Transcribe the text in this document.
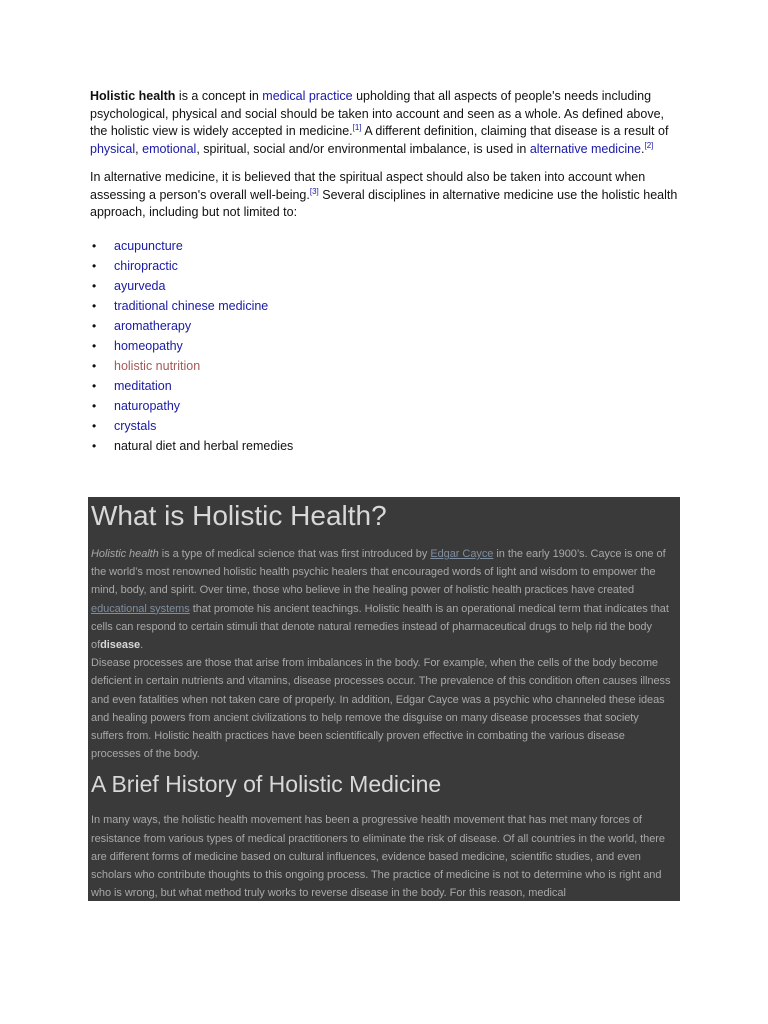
Holistic health is a concept in medical practice upholding that all aspects of people's needs including psychological, physical and social should be taken into account and seen as a whole. As defined above, the holistic view is widely accepted in medicine.[1] A different definition, claiming that disease is a result of physical, emotional, spiritual, social and/or environmental imbalance, is used in alternative medicine.[2]

In alternative medicine, it is believed that the spiritual aspect should also be taken into account when assessing a person's overall well-being.[3] Several disciplines in alternative medicine use the holistic health approach, including but not limited to:

• acupuncture
• chiropractic
• ayurveda
• traditional chinese medicine
• aromatherapy
• homeopathy
• holistic nutrition
• meditation
• naturopathy
• crystals
• natural diet and herbal remedies
What is Holistic Health?

Holistic health is a type of medical science that was first introduced by Edgar Cayce in the early 1900’s. Cayce is one of the world’s most renowned holistic health psychic healers that encouraged words of light and wisdom to empower the mind, body, and spirit. Over time, those who believe in the healing power of holistic health practices have created educational systems that promote his ancient teachings. Holistic health is an operational medical term that indicates that cells can respond to certain stimuli that denote natural remedies instead of pharmaceutical drugs to help rid the body ofdisease.

Disease processes are those that arise from imbalances in the body. For example, when the cells of the body become deficient in certain nutrients and vitamins, disease processes occur. The prevalence of this condition often causes illness and even fatalities when not taken care of properly. In addition, Edgar Cayce was a psychic who channeled these ideas and healing powers from ancient civilizations to help remove the disguise on many disease processes that society suffers from. Holistic health practices have been scientifically proven effective in combating the various disease processes of the body.

A Brief History of Holistic Medicine

In many ways, the holistic health movement has been a progressive health movement that has met many forces of resistance from various types of medical practitioners to eliminate the risk of disease. Of all countries in the world, there are different forms of medicine based on cultural influences, evidence based medicine, scientific studies, and even scholars who contribute thoughts to this ongoing process. The practice of medicine is not to determine who is right and who is wrong, but what method truly works to reverse disease in the body. For this reason, medical
